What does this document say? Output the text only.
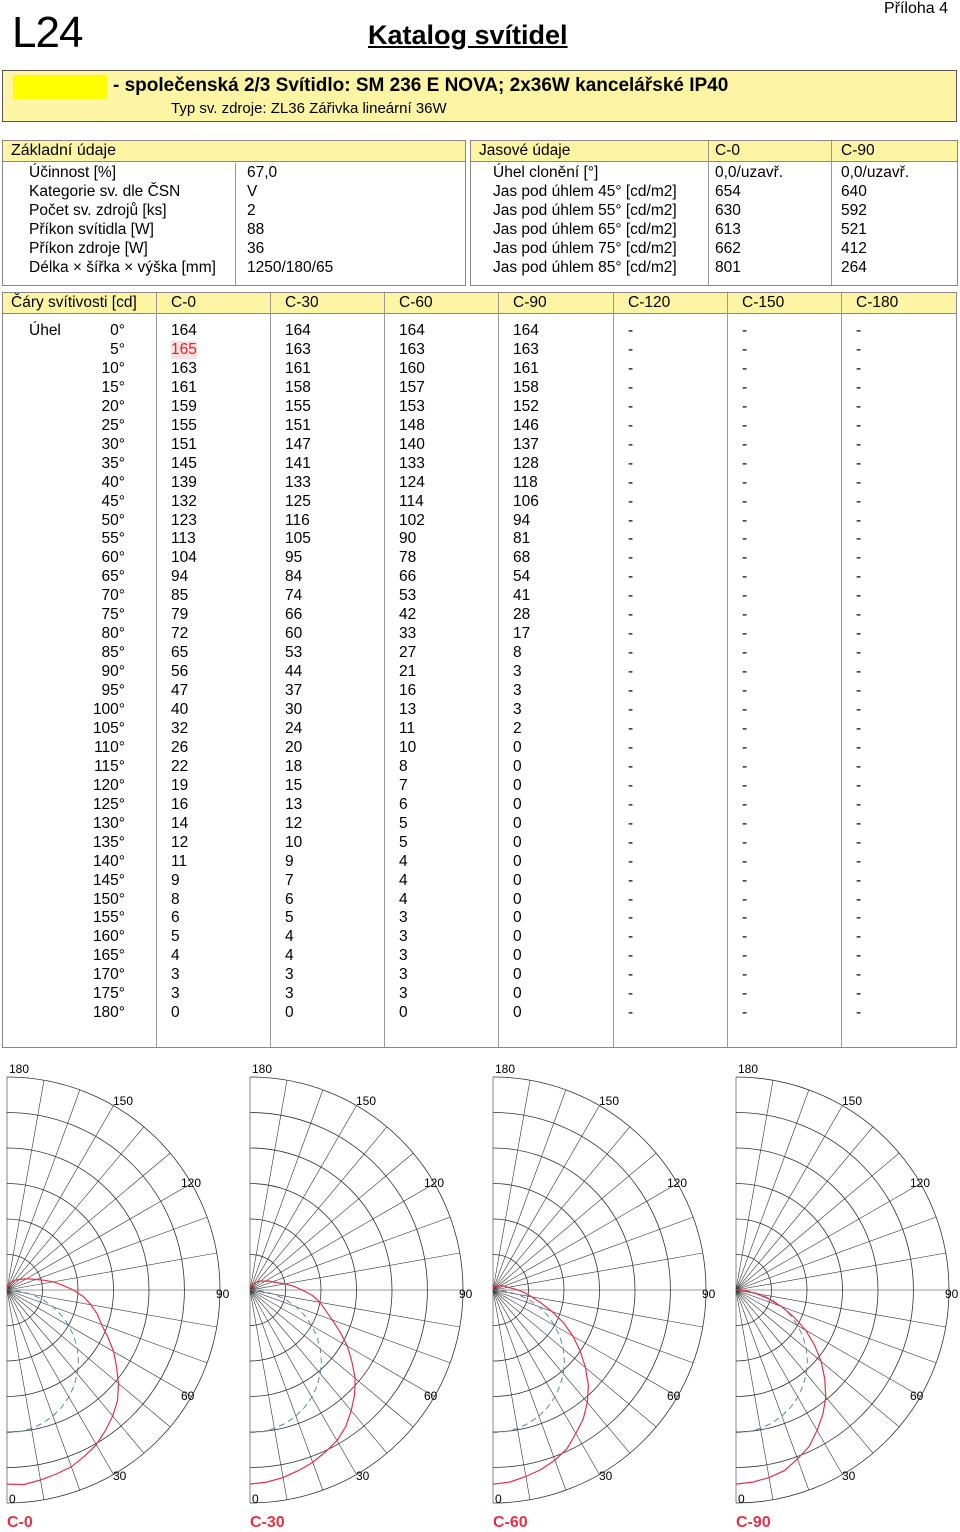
L24	Katalog svítidel
Příloha 4
- společenská 2/3 Svítidlo: SM 236 E NOVA; 2x36W kancelářské IP40
Typ sv. zdroje: ZL36 Zářivka lineární 36W
Základní údaje
Účinnost [%]	67,0
Kategorie sv. dle ČSN	V
Počet sv. zdrojů [ks]	2
Příkon svítidla [W]	88
Příkon zdroje [W]	36
Délka × šířka × výška [mm] 1250/180/65
Jasové údaje	C-0	C-90
Úhel clonění [°]	0,0/uzavř.	0,0/uzavř.
Jas pod úhlem 45° [cd/m2] 654	640
Jas pod úhlem 55° [cd/m2] 630	592
Jas pod úhlem 65° [cd/m2] 613	521
Jas pod úhlem 75° [cd/m2] 662	412
Jas pod úhlem 85° [cd/m2] 801	264
Čáry svítivosti [cd] C-0	C-30	C-60	C-90	C-120	C-150	C-180
Úhel	0°	164	164	164	164	-	-	-
5°	165	163	163	163	-	-	-
10°	163	161	160	161	-	-	-
15°	161	158	157	158	-	-	-
20°	159	155	153	152	-	-	-
25°	155	151	148	146	-	-	-
30°	151	147	140	137	-	-	-
35°	145	141	133	128	-	-	-
40°	139	133	124	118	-	-	-
45°	132	125	114	106	-	-	-
50°	123	116	102	94	-	-	-
55°	113	105	90	81	-	-	-
60°	104	95	78	68	-	-	-
65°	94	84	66	54	-	-	-
70°	85	74	53	41	-	-	-
75°	79	66	42	28	-	-	-
80°	72	60	33	17	-	-	-
85°	65	53	27	8	-	-	-
90°	56	44	21	3	-	-	-
95°	47	37	16	3	-	-	-
100°	40	30	13	3	-	-	-
105°	32	24	11	2	-	-	-
110°	26	20	10	0	-	-	-
115°	22	18	8	0	-	-	-
120°	19	15	7	0	-	-	-
125°	16	13	6	0	-	-	-
130°	14	12	5	0	-	-	-
135°	12	10	5	0	-	-	-
140°	11	9	4	0	-	-	-
145°	9	7	4	0	-	-	-
150°	8	6	4	0	-	-	-
155°	6	5	3	0	-	-	-
160°	5	4	3	0	-	-	-
165°	4	4	3	0	-	-	-
170°	3	3	3	0	-	-	-
175°	3	3	3	0	-	-	-
180°	0	0	0	0	-	-	-
180
150
120
90
60
30
0
C-0
180
150
120
90
60
30
0
C-30
180
150
120
90
60
30
0
C-60
180
150
120
90
60
30
0
C-90
